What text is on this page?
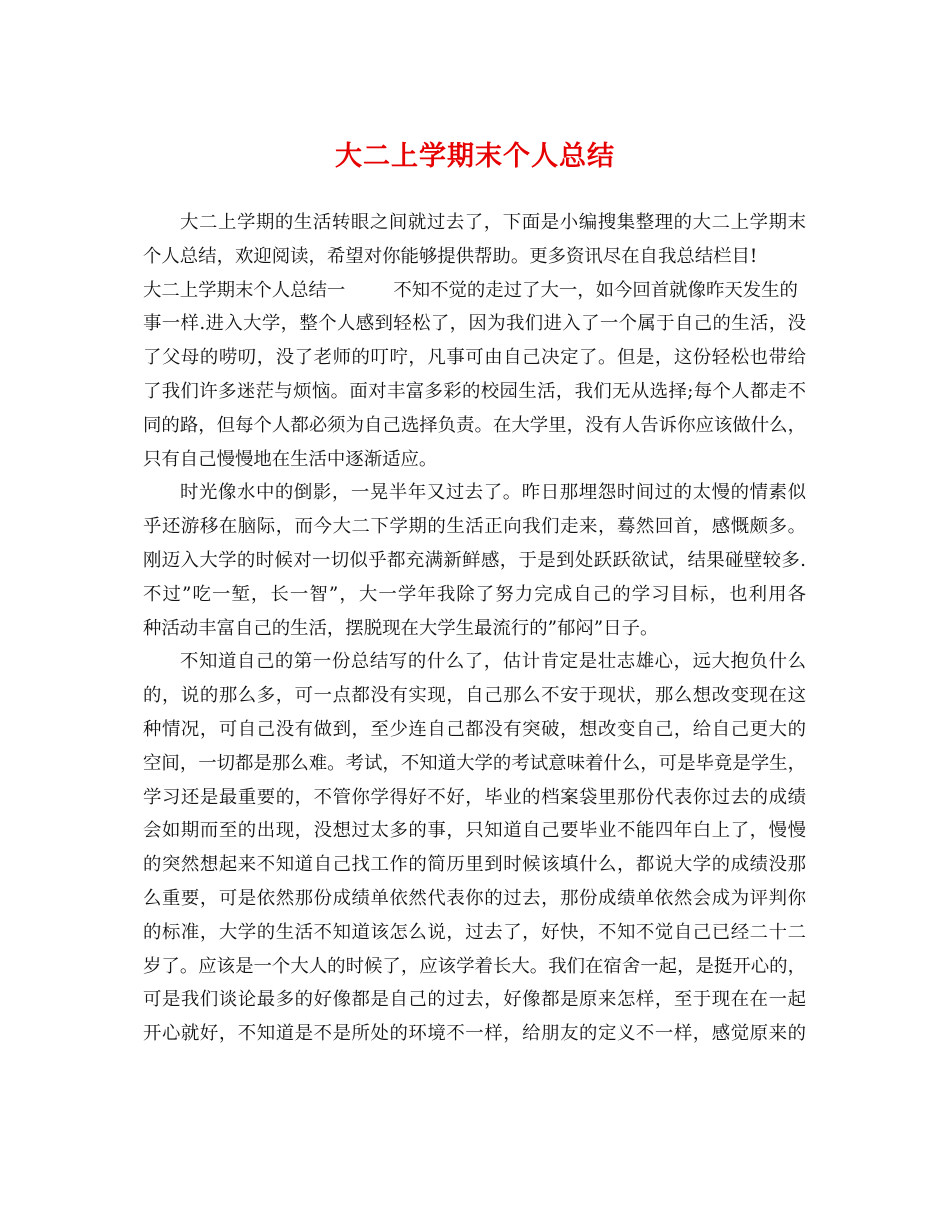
大二上学期末个人总结
大二上学期的生活转眼之间就过去了，下面是小编搜集整理的大二上学期末
个人总结，欢迎阅读，希望对你能够提供帮助。更多资讯尽在自我总结栏目!
大二上学期末个人总结一	不知不觉的走过了大一，如今回首就像昨天发生的
事一样.进入大学，整个人感到轻松了，因为我们进入了一个属于自己的生活，没
了父母的唠叨，没了老师的叮咛，凡事可由自己决定了。但是，这份轻松也带给
了我们许多迷茫与烦恼。面对丰富多彩的校园生活，我们无从选择;每个人都走不
同的路，但每个人都必须为自己选择负责。在大学里，没有人告诉你应该做什么，
只有自己慢慢地在生活中逐渐适应。
时光像水中的倒影，一晃半年又过去了。昨日那埋怨时间过的太慢的情素似
乎还游移在脑际，而今大二下学期的生活正向我们走来，蓦然回首，感慨颇多。
刚迈入大学的时候对一切似乎都充满新鲜感，于是到处跃跃欲试，结果碰壁较多.
不过”吃一堑，长一智”，大一学年我除了努力完成自己的学习目标，也利用各
种活动丰富自己的生活，摆脱现在大学生最流行的”郁闷”日子。
不知道自己的第一份总结写的什么了，估计肯定是壮志雄心，远大抱负什么
的，说的那么多，可一点都没有实现，自己那么不安于现状，那么想改变现在这
种情况，可自己没有做到，至少连自己都没有突破，想改变自己，给自己更大的
空间，一切都是那么难。考试，不知道大学的考试意味着什么，可是毕竟是学生，
学习还是最重要的，不管你学得好不好，毕业的档案袋里那份代表你过去的成绩
会如期而至的出现，没想过太多的事，只知道自己要毕业不能四年白上了，慢慢
的突然想起来不知道自己找工作的简历里到时候该填什么，都说大学的成绩没那
么重要，可是依然那份成绩单依然代表你的过去，那份成绩单依然会成为评判你
的标准，大学的生活不知道该怎么说，过去了，好快，不知不觉自己已经二十二
岁了。应该是一个大人的时候了，应该学着长大。我们在宿舍一起，是挺开心的，
可是我们谈论最多的好像都是自己的过去，好像都是原来怎样，至于现在在一起
开心就好，不知道是不是所处的环境不一样，给朋友的定义不一样，感觉原来的
